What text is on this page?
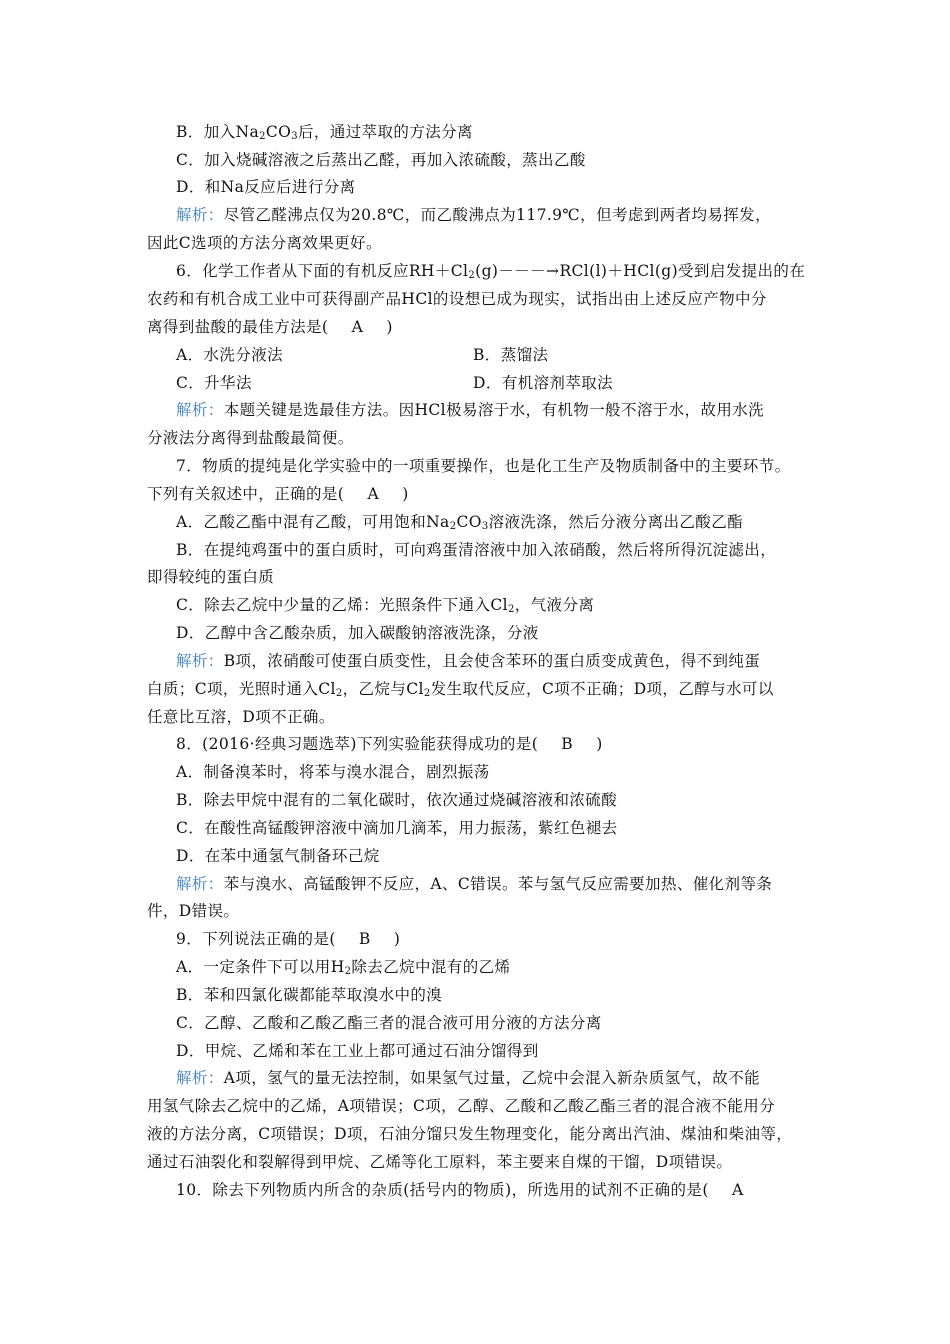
B．加入$Na_2CO_3$后，通过萃取的方法分离
C．加入烧碱溶液之后蒸出乙醛，再加入浓硫酸，蒸出乙酸
D．和Na反应后进行分离
解析：尽管乙醛沸点仅为20.8℃，而乙酸沸点为117.9℃，但考虑到两者均易挥发，
因此C选项的方法分离效果更好。
6．化学工作者从下面的有机反应$RH+Cl_2(g)---\to RCl(l)+HCl(g)$受到启发提出的在
农药和有机合成工业中可获得副产品HCl的设想已成为现实，试指出由上述反应产物中分
离得到盐酸的最佳方法是( A )
A．水洗分液法	B．蒸馏法
C．升华法	D．有机溶剂萃取法
解析：本题关键是选最佳方法。因HCl极易溶于水，有机物一般不溶于水，故用水洗
分液法分离得到盐酸最简便。
7．物质的提纯是化学实验中的一项重要操作，也是化工生产及物质制备中的主要环节。
下列有关叙述中，正确的是( A )
A．乙酸乙酯中混有乙酸，可用饱和$Na_2CO_3$溶液洗涤，然后分液分离出乙酸乙酯
B．在提纯鸡蛋中的蛋白质时，可向鸡蛋清溶液中加入浓硝酸，然后将所得沉淀滤出，
即得较纯的蛋白质
C．除去乙烷中少量的乙烯：光照条件下通入$Cl_2$，气液分离
D．乙醇中含乙酸杂质，加入碳酸钠溶液洗涤，分液
解析：B项，浓硝酸可使蛋白质变性，且会使含苯环的蛋白质变成黄色，得不到纯蛋
白质；C项，光照时通入$Cl_2$，乙烷与$Cl_2$发生取代反应，C项不正确；D项，乙醇与水可以
任意比互溶，D项不正确。
8．(2016·经典习题选萃)下列实验能获得成功的是( B )
A．制备溴苯时，将苯与溴水混合，剧烈振荡
B．除去甲烷中混有的二氧化碳时，依次通过烧碱溶液和浓硫酸
C．在酸性高锰酸钾溶液中滴加几滴苯，用力振荡，紫红色褪去
D．在苯中通氢气制备环己烷
解析：苯与溴水、高锰酸钾不反应，A、C错误。苯与氢气反应需要加热、催化剂等条
件，D错误。
9．下列说法正确的是( B )
A．一定条件下可以用$H_2$除去乙烷中混有的乙烯
B．苯和四氯化碳都能萃取溴水中的溴
C．乙醇、乙酸和乙酸乙酯三者的混合液可用分液的方法分离
D．甲烷、乙烯和苯在工业上都可通过石油分馏得到
解析：A项，氢气的量无法控制，如果氢气过量，乙烷中会混入新杂质氢气，故不能
用氢气除去乙烷中的乙烯，A项错误；C项，乙醇、乙酸和乙酸乙酯三者的混合液不能用分
液的方法分离，C项错误；D项，石油分馏只发生物理变化，能分离出汽油、煤油和柴油等，
通过石油裂化和裂解得到甲烷、乙烯等化工原料，苯主要来自煤的干馏，D项错误。
10．除去下列物质内所含的杂质(括号内的物质)，所选用的试剂不正确的是( A
